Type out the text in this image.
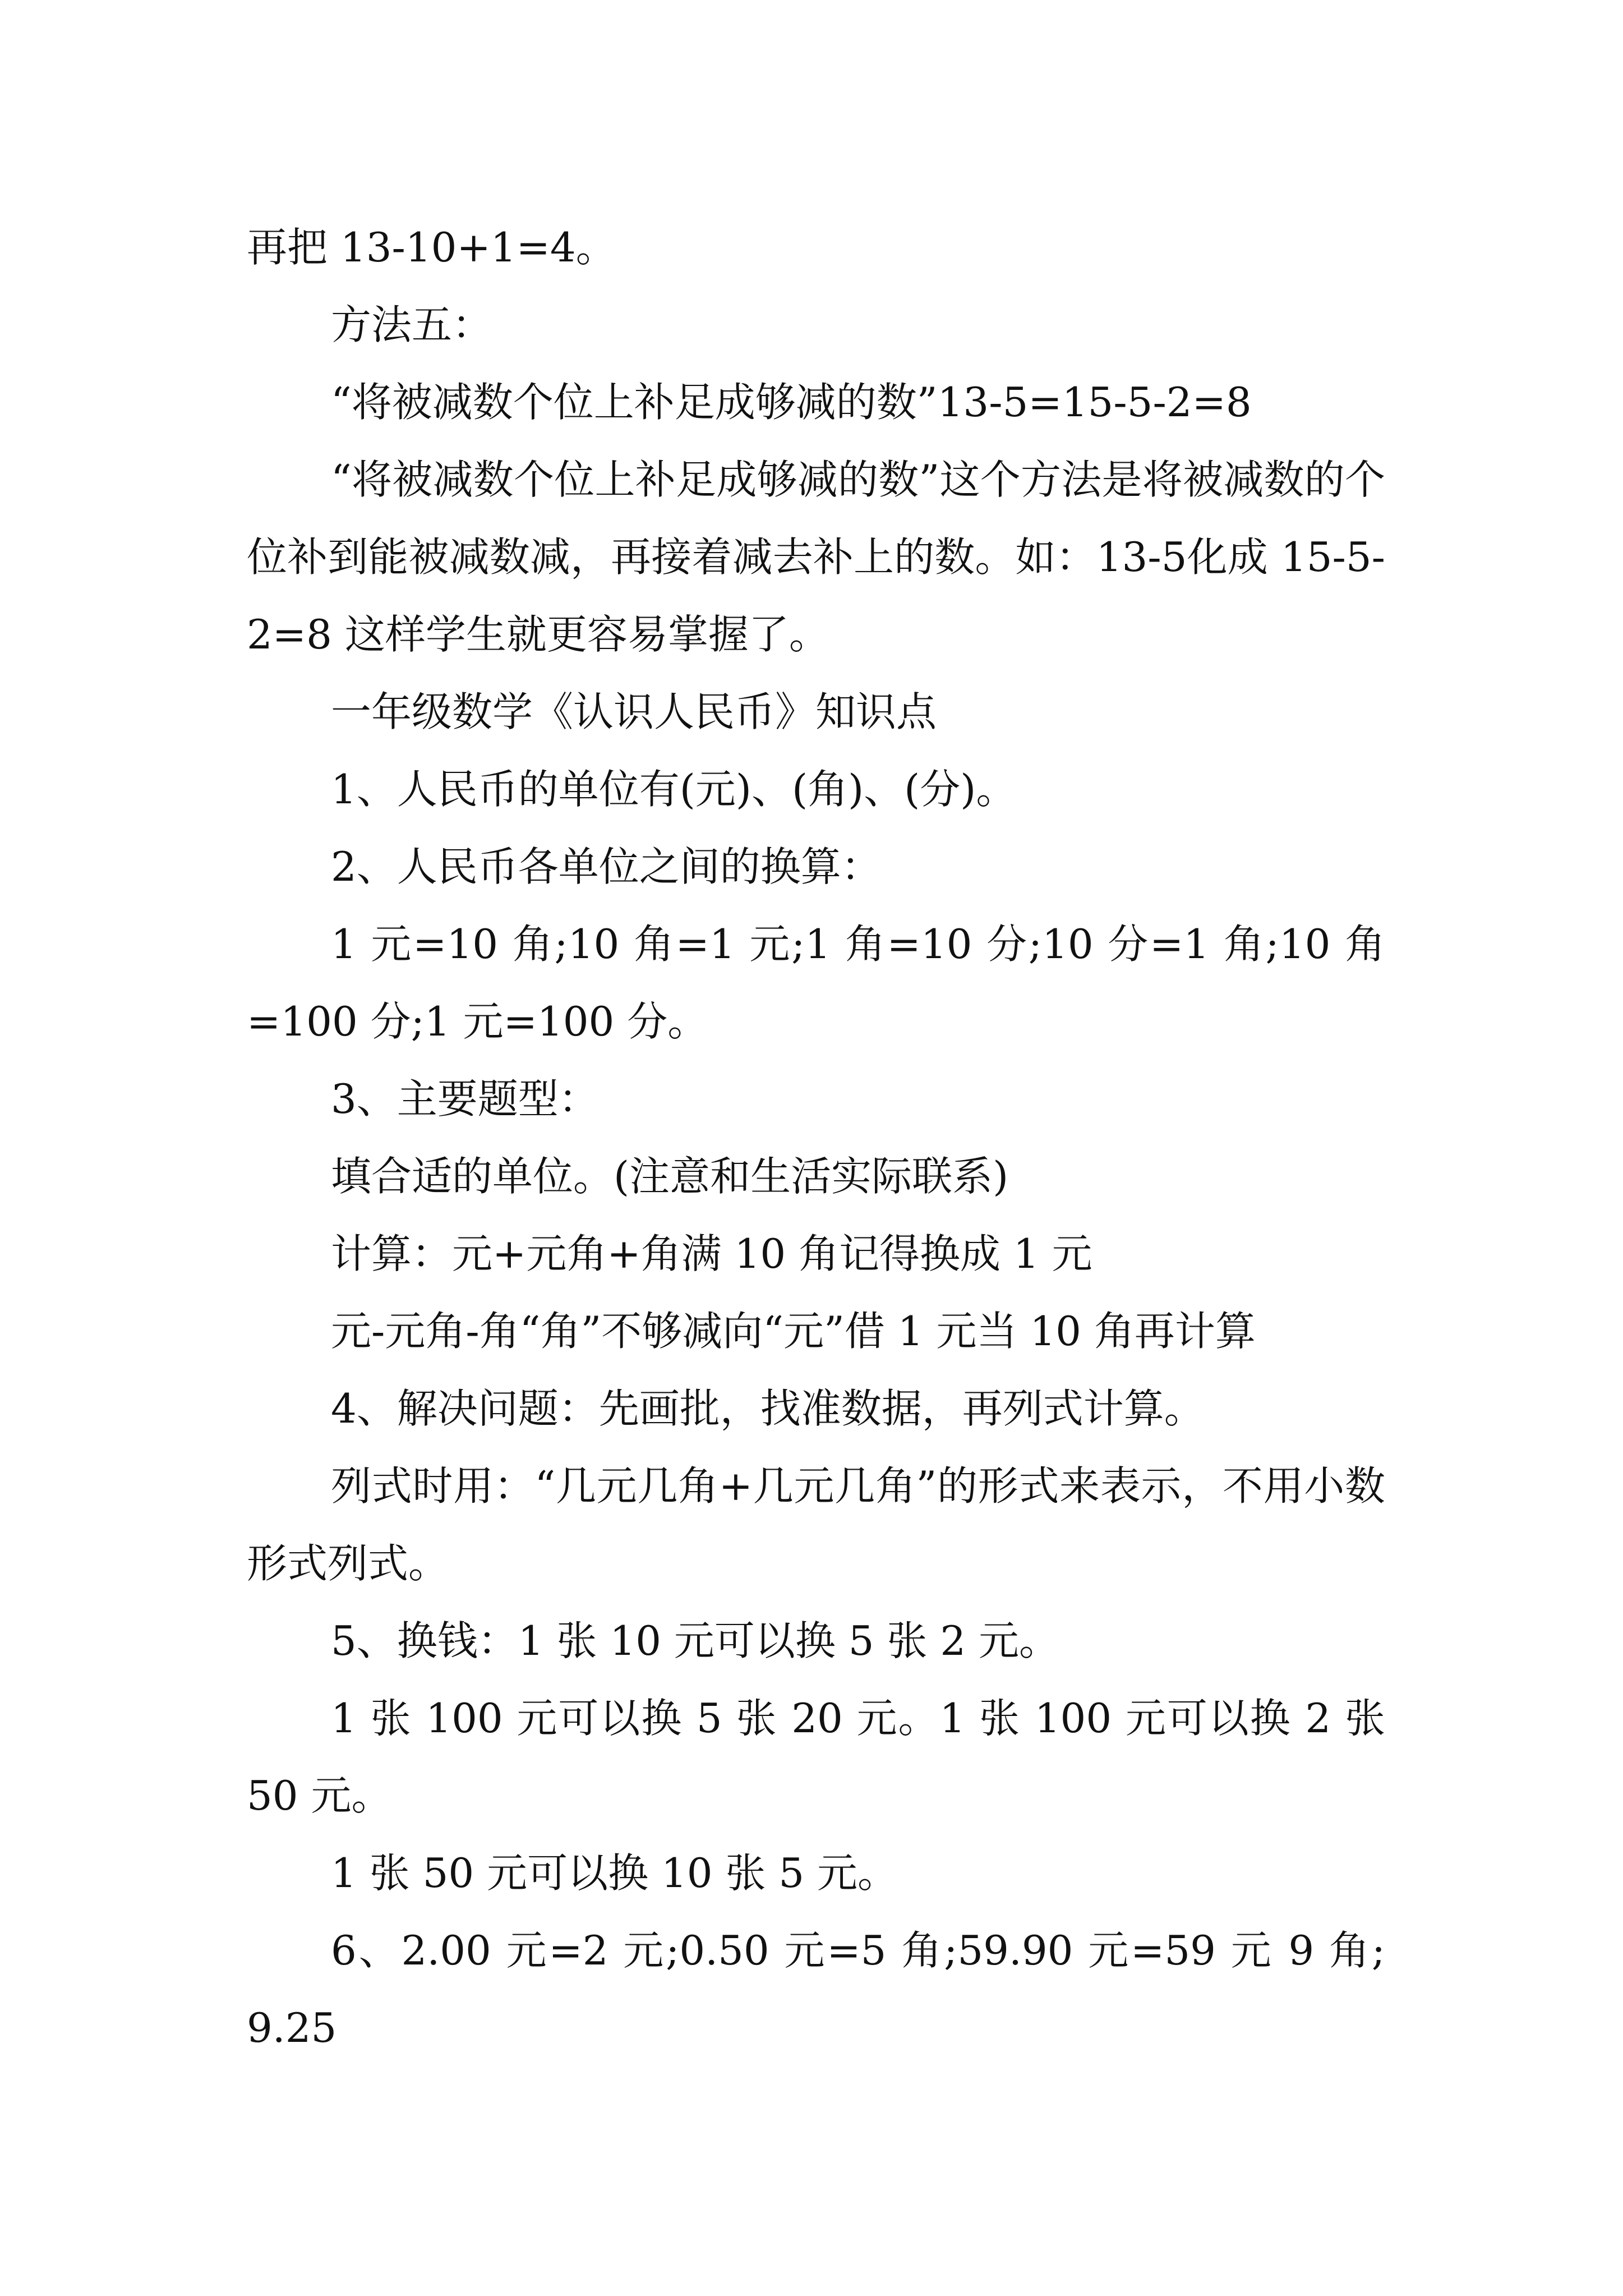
再把 13-10+1=4。

方法五：

“将被减数个位上补足成够减的数”13-5=15-5-2=8

“将被减数个位上补足成够减的数”这个方法是将被减数的个位补到能被减数减，再接着减去补上的数。如：13-5化成 15-5-2=8 这样学生就更容易掌握了。

一年级数学《认识人民币》知识点

1、人民币的单位有(元)、(角)、(分)。

2、人民币各单位之间的换算：

1 元=10 角;10 角=1 元;1 角=10 分;10 分=1 角;10 角=100 分;1 元=100 分。

3、主要题型：

填合适的单位。(注意和生活实际联系)

计算：元+元角+角满 10 角记得换成 1 元

元-元角-角“角”不够减向“元”借 1 元当 10 角再计算

4、解决问题：先画批，找准数据，再列式计算。

列式时用：“几元几角+几元几角”的形式来表示，不用小数形式列式。

5、换钱：1 张 10 元可以换 5 张 2 元。

1 张 100 元可以换 5 张 20 元。1 张 100 元可以换 2 张 50 元。

1 张 50 元可以换 10 张 5 元。

6、2.00 元=2 元;0.50 元=5 角;59.90 元=59 元 9 角;9.25
